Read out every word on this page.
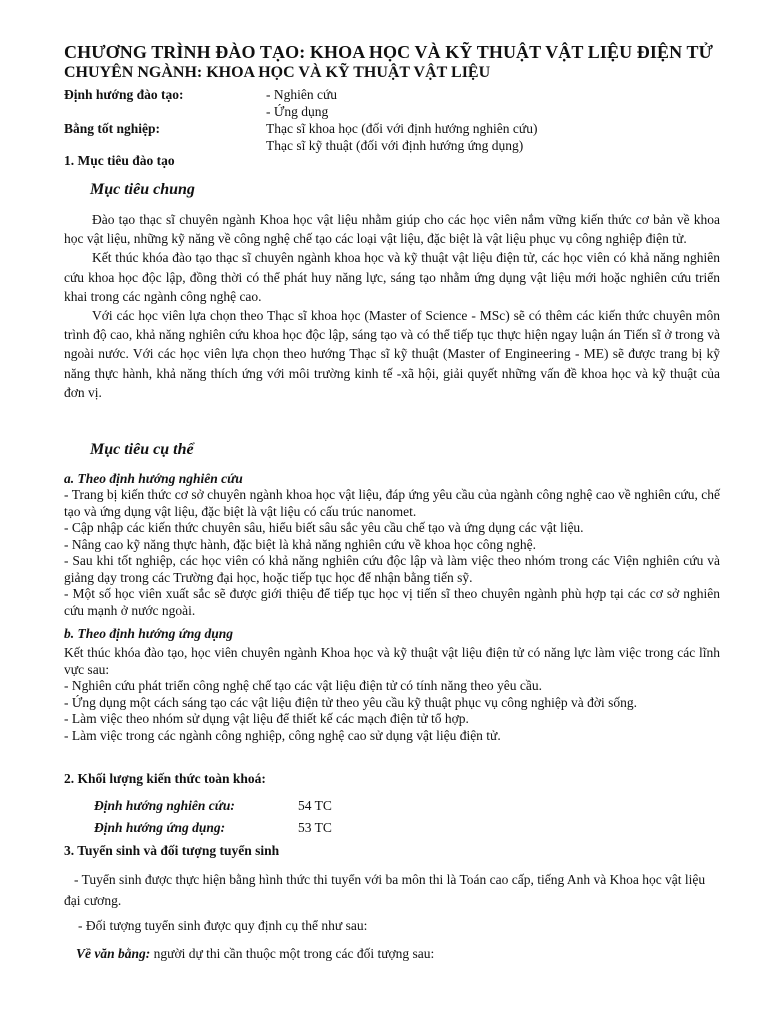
CHƯƠNG TRÌNH ĐÀO TẠO: KHOA HỌC VÀ KỸ THUẬT VẬT LIỆU ĐIỆN TỬ
CHUYÊN NGÀNH: KHOA HỌC VÀ KỸ THUẬT VẬT LIỆU
Định hướng đào tạo:	- Nghiên cứu
- Ứng dụng
Bằng tốt nghiệp:	Thạc sĩ khoa học (đối với định hướng nghiên cứu)
Thạc sĩ kỹ thuật (đối với định hướng ứng dụng)
1. Mục tiêu đào tạo
Mục tiêu chung

Đào tạo thạc sĩ chuyên ngành Khoa học vật liệu nhằm giúp cho các học viên nắm vững kiến thức cơ bản về khoa học vật liệu, những kỹ năng về công nghệ chế tạo các loại vật liệu, đặc biệt là vật liệu phục vụ công nghiệp điện tử.

Kết thúc khóa đào tạo thạc sĩ chuyên ngành khoa học và kỹ thuật vật liệu điện tử, các học viên có khả năng nghiên cứu khoa học độc lập, đồng thời có thể phát huy năng lực, sáng tạo nhằm ứng dụng vật liệu mới hoặc nghiên cứu triển khai trong các ngành công nghệ cao.

Với các học viên lựa chọn theo Thạc sĩ khoa học (Master of Science - MSc) sẽ có thêm các kiến thức chuyên môn trình độ cao, khả năng nghiên cứu khoa học độc lập, sáng tạo và có thể tiếp tục thực hiện ngay luận án Tiến sĩ ở trong và ngoài nước. Với các học viên lựa chọn theo hướng Thạc sĩ kỹ thuật (Master of Engineering - ME) sẽ được trang bị kỹ năng thực hành, khả năng thích ứng với môi trường kinh tế -xã hội, giải quyết những vấn đề khoa học và kỹ thuật của đơn vị.

Mục tiêu cụ thể
a. Theo định hướng nghiên cứu

- Trang bị kiến thức cơ sở chuyên ngành khoa học vật liệu, đáp ứng yêu cầu của ngành công nghệ cao về nghiên cứu, chế tạo và ứng dụng vật liệu, đặc biệt là vật liệu có cấu trúc nanomet.

- Cập nhập các kiến thức chuyên sâu, hiểu biết sâu sắc yêu cầu chế tạo và ứng dụng các vật liệu.

- Nâng cao kỹ năng thực hành, đặc biệt là khả năng nghiên cứu về khoa học công nghệ.

- Sau khi tốt nghiệp, các học viên có khả năng nghiên cứu độc lập và làm việc theo nhóm trong các Viện nghiên cứu và giảng dạy trong các Trường đại học, hoặc tiếp tục học để nhận bằng tiến sỹ.

- Một số học viên xuất sắc sẽ được giới thiệu để tiếp tục học vị tiến sĩ theo chuyên ngành phù hợp tại các cơ sở nghiên cứu mạnh ở nước ngoài.

b. Theo định hướng ứng dụng

Kết thúc khóa đào tạo, học viên chuyên ngành Khoa học và kỹ thuật vật liệu điện tử có năng lực làm việc trong các lĩnh vực sau:

- Nghiên cứu phát triển công nghệ chế tạo các vật liệu điện tử có tính năng theo yêu cầu.

- Ứng dụng một cách sáng tạo các vật liệu điện tử theo yêu cầu kỹ thuật phục vụ công nghiệp và đời sống.

- Làm việc theo nhóm sử dụng vật liệu để thiết kế các mạch điện tử tổ hợp.

- Làm việc trong các ngành công nghiệp, công nghệ cao sử dụng vật liệu điện tử.

2. Khối lượng kiến thức toàn khoá:
Định hướng nghiên cứu:	54 TC
Định hướng ứng dụng:	53 TC
3. Tuyển sinh và đối tượng tuyển sinh

- Tuyển sinh được thực hiện bằng hình thức thi tuyển với ba môn thi là Toán cao cấp, tiếng Anh và Khoa học vật liệu đại cương.

- Đối tượng tuyển sinh được quy định cụ thể như sau:

Về văn bằng: người dự thi cần thuộc một trong các đối tượng sau:
